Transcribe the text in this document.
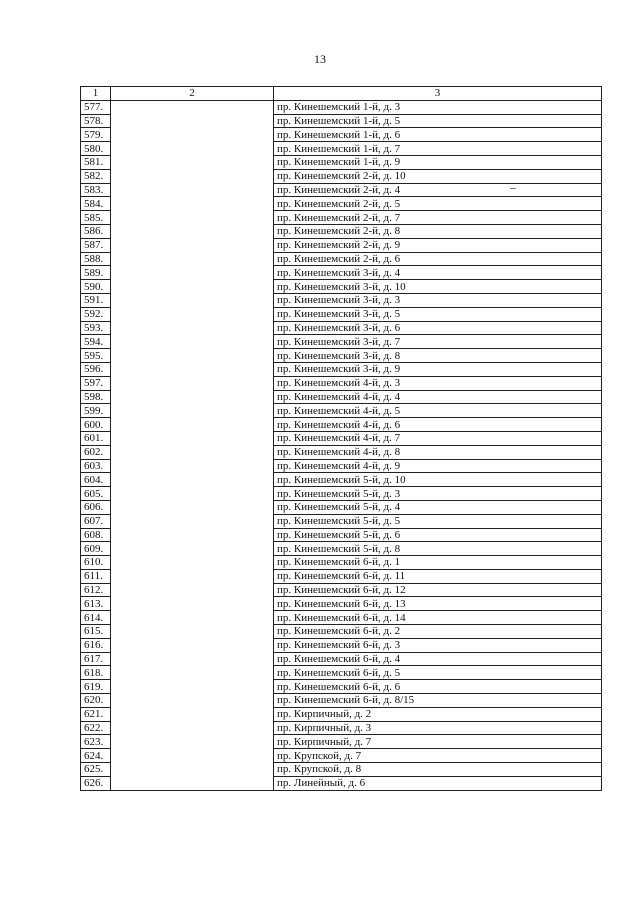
13
1	2	3
577.		пр. Кинешемский 1-й, д. 3
578.		пр. Кинешемский 1-й, д. 5
579.		пр. Кинешемский 1-й, д. 6
580.		пр. Кинешемский 1-й, д. 7
581.		пр. Кинешемский 1-й, д. 9
582.		пр. Кинешемский 2-й, д. 10
583.		пр. Кинешемский 2-й, д. 4
584.		пр. Кинешемский 2-й, д. 5
585.		пр. Кинешемский 2-й, д. 7
586.		пр. Кинешемский 2-й, д. 8
587.		пр. Кинешемский 2-й, д. 9
588.		пр. Кинешемский 2-й, д. 6
589.		пр. Кинешемский 3-й, д. 4
590.		пр. Кинешемский 3-й, д. 10
591.		пр. Кинешемский 3-й, д. 3
592.		пр. Кинешемский 3-й, д. 5
593.		пр. Кинешемский 3-й, д. 6
594.		пр. Кинешемский 3-й, д. 7
595.		пр. Кинешемский 3-й, д. 8
596.		пр. Кинешемский 3-й, д. 9
597.		пр. Кинешемский 4-й, д. 3
598.		пр. Кинешемский 4-й, д. 4
599.		пр. Кинешемский 4-й, д. 5
600.		пр. Кинешемский 4-й, д. 6
601.		пр. Кинешемский 4-й, д. 7
602.		пр. Кинешемский 4-й, д. 8
603.		пр. Кинешемский 4-й, д. 9
604.		пр. Кинешемский 5-й, д. 10
605.		пр. Кинешемский 5-й, д. 3
606.		пр. Кинешемский 5-й, д. 4
607.		пр. Кинешемский 5-й, д. 5
608.		пр. Кинешемский 5-й, д. 6
609.		пр. Кинешемский 5-й, д. 8
610.		пр. Кинешемский 6-й, д. 1
611.		пр. Кинешемский 6-й, д. 11
612.		пр. Кинешемский 6-й, д. 12
613.		пр. Кинешемский 6-й, д. 13
614.		пр. Кинешемский 6-й, д. 14
615.		пр. Кинешемский 6-й, д. 2
616.		пр. Кинешемский 6-й, д. 3
617.		пр. Кинешемский 6-й, д. 4
618.		пр. Кинешемский 6-й, д. 5
619.		пр. Кинешемский 6-й, д. 6
620.		пр. Кинешемский 6-й, д. 8/15
621.		пр. Кирпичный, д. 2
622.		пр. Кирпичный, д. 3
623.		пр. Кирпичный, д. 7
624.		пр. Крупской, д. 7
625.		пр. Крупской, д. 8
626.		пр. Линейный, д. 6
